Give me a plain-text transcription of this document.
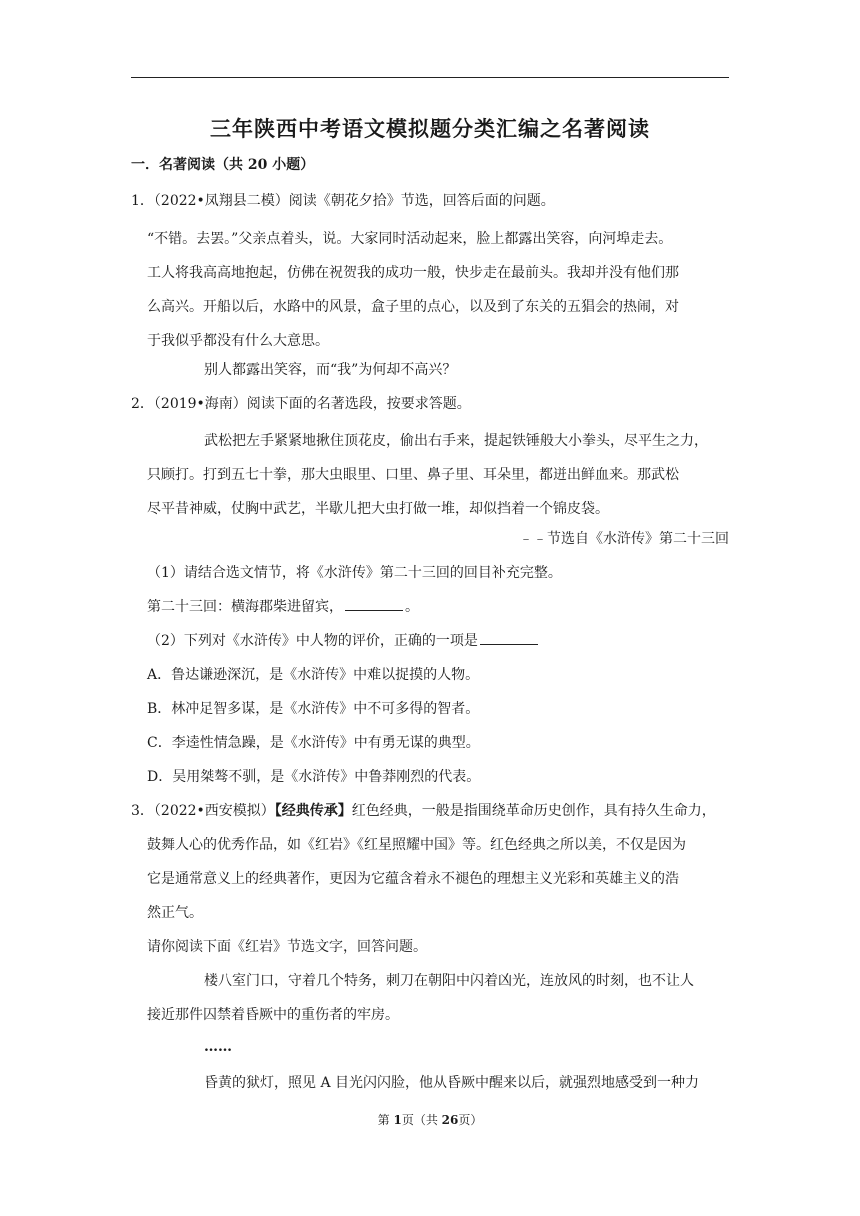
三年陕西中考语文模拟题分类汇编之名著阅读
一．名著阅读（共 20 小题）
1．（2022•凤翔县二模）阅读《朝花夕拾》节选，回答后面的问题。
“不错。去罢。”父亲点着头，说。大家同时活动起来，脸上都露出笑容，向河埠走去。
工人将我高高地抱起，仿佛在祝贺我的成功一般，快步走在最前头。我却并没有他们那
么高兴。开船以后，水路中的风景，盒子里的点心，以及到了东关的五猖会的热闹，对
于我似乎都没有什么大意思。
别人都露出笑容，而“我”为何却不高兴？
2．（2019•海南）阅读下面的名著选段，按要求答题。
武松把左手紧紧地揪住顶花皮，偷出右手来，提起铁锤般大小拳头，尽平生之力，
只顾打。打到五七十拳，那大虫眼里、口里、鼻子里、耳朵里，都迸出鲜血来。那武松
尽平昔神威，仗胸中武艺，半歇儿把大虫打做一堆，却似挡着一个锦皮袋。
﹣﹣节选自《水浒传》第二十三回
（1）请结合选文情节，将《水浒传》第二十三回的回目补充完整。
第二十三回：横海郡柴进留宾，	。
（2）下列对《水浒传》中人物的评价，正确的一项是
A．鲁达谦逊深沉，是《水浒传》中难以捉摸的人物。
B．林冲足智多谋，是《水浒传》中不可多得的智者。
C．李逵性情急躁，是《水浒传》中有勇无谋的典型。
D．吴用桀骜不驯，是《水浒传》中鲁莽刚烈的代表。
3．（2022•西安模拟）【经典传承】红色经典，一般是指围绕革命历史创作，具有持久生命力，
鼓舞人心的优秀作品，如《红岩》《红星照耀中国》等。红色经典之所以美，不仅是因为
它是通常意义上的经典著作，更因为它蕴含着永不褪色的理想主义光彩和英雄主义的浩
然正气。
请你阅读下面《红岩》节选文字，回答问题。
楼八室门口，守着几个特务，刺刀在朝阳中闪着凶光，连放风的时刻，也不让人
接近那件囚禁着昏厥中的重伤者的牢房。
……
昏黄的狱灯，照见 A 目光闪闪脸，他从昏厥中醒来以后，就强烈地感受到一种力
第 1页（共 26页）
